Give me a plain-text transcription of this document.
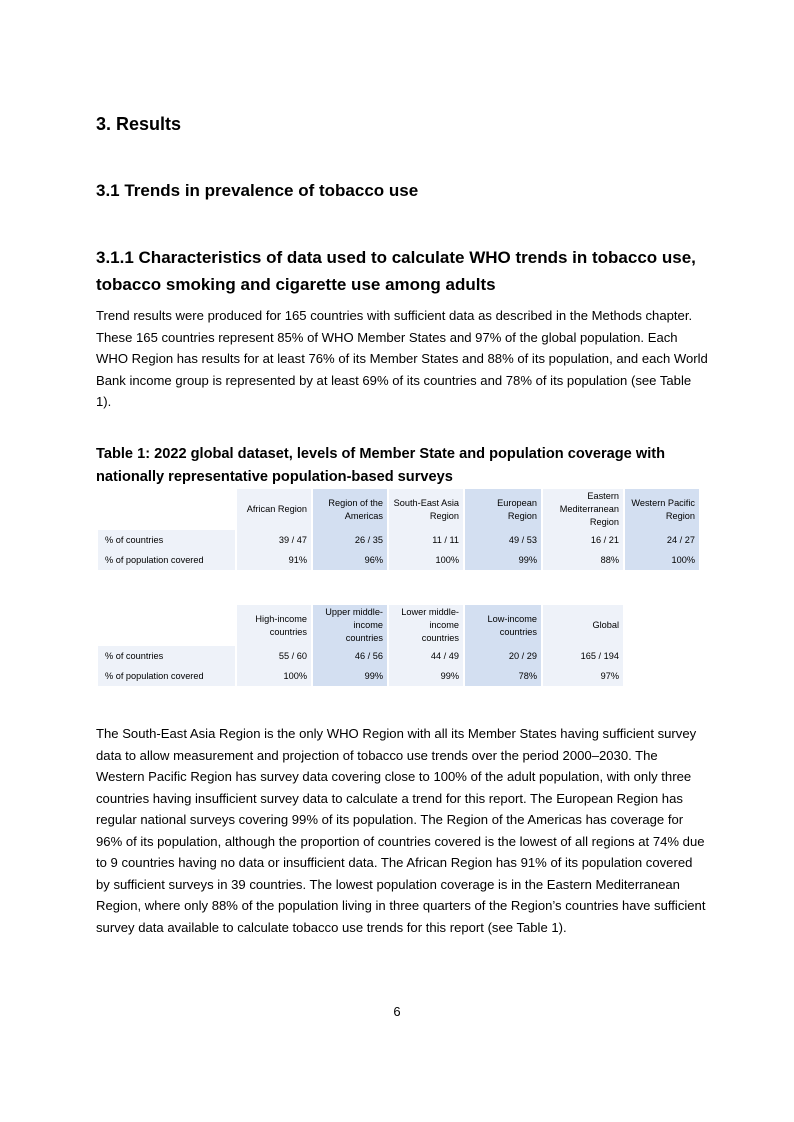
3. Results
3.1 Trends in prevalence of tobacco use
3.1.1 Characteristics of data used to calculate WHO trends in tobacco use, tobacco smoking and cigarette use among adults

Trend results were produced for 165 countries with sufficient data as described in the Methods chapter. These 165 countries represent 85% of WHO Member States and 97% of the global population. Each WHO Region has results for at least 76% of its Member States and 88% of its population, and each World Bank income group is represented by at least 69% of its countries and 78% of its population (see Table 1).

Table 1: 2022 global dataset, levels of Member State and population coverage with nationally representative population-based surveys

	African Region	Region of the Americas	South-East Asia Region	European Region	Eastern Mediterranean Region	Western Pacific Region
% of countries	39 / 47	26 / 35	11 / 11	49 / 53	16 / 21	24 / 27
% of population covered	91%	96%	100%	99%	88%	100%
	High-income countries	Upper middle-income countries	Lower middle-income countries	Low-income countries	Global
% of countries	55 / 60	46 / 56	44 / 49	20 / 29	165 / 194
% of population covered	100%	99%	99%	78%	97%

The South-East Asia Region is the only WHO Region with all its Member States having sufficient survey data to allow measurement and projection of tobacco use trends over the period 2000–2030. The Western Pacific Region has survey data covering close to 100% of the adult population, with only three countries having insufficient survey data to calculate a trend for this report. The European Region has regular national surveys covering 99% of its population. The Region of the Americas has coverage for 96% of its population, although the proportion of countries covered is the lowest of all regions at 74% due to 9 countries having no data or insufficient data. The African Region has 91% of its population covered by sufficient surveys in 39 countries. The lowest population coverage is in the Eastern Mediterranean Region, where only 88% of the population living in three quarters of the Region’s countries have sufficient survey data available to calculate tobacco use trends for this report (see Table 1).

6
